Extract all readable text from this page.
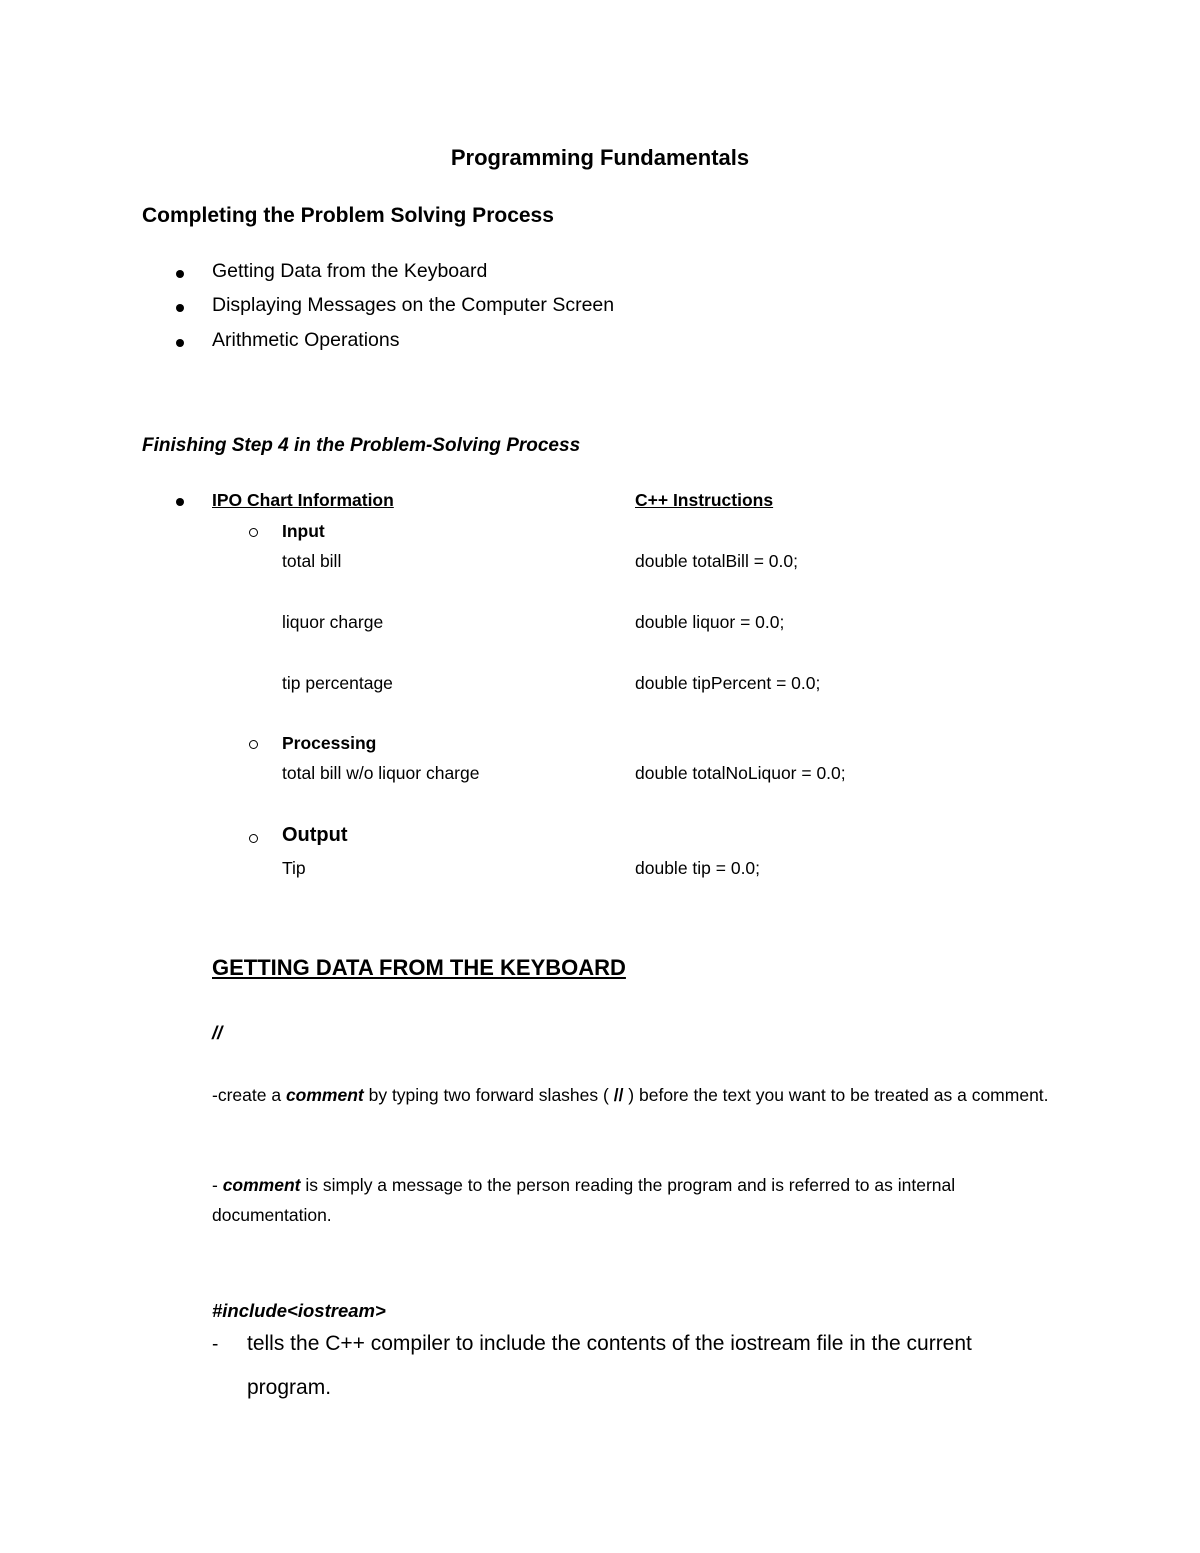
Programming Fundamentals
Completing the Problem Solving Process
Getting Data from the Keyboard
Displaying Messages on the Computer Screen
Arithmetic Operations
Finishing Step 4 in the Problem-Solving Process
IPO Chart Information	C++ Instructions
Input
total bill	double totalBill = 0.0;
liquor charge	double liquor = 0.0;
tip percentage	double tipPercent = 0.0;
Processing
total bill w/o liquor charge	double totalNoLiquor = 0.0;
Output
Tip	double tip = 0.0;
GETTING DATA FROM THE KEYBOARD
//
-create a comment by typing two forward slashes ( // ) before the text you want to be treated as a comment.
- comment is simply a message to the person reading the program and is referred to as internal documentation.
#include<iostream>
- tells the C++ compiler to include the contents of the iostream file in the current
program.
